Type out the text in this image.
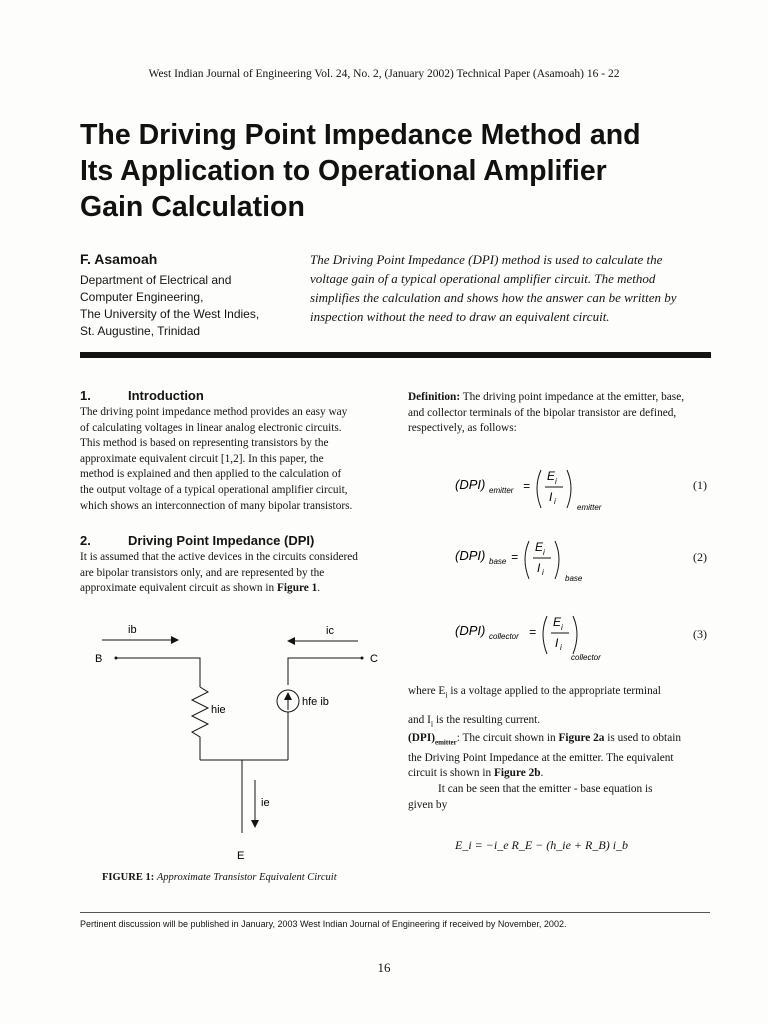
West Indian Journal of Engineering Vol. 24, No. 2, (January 2002) Technical Paper (Asamoah) 16 - 22
The Driving Point Impedance Method and
Its Application to Operational Amplifier
Gain Calculation
F. Asamoah
Department of Electrical and
Computer Engineering,
The University of the West Indies,
St. Augustine, Trinidad
The Driving Point Impedance (DPI) method is used to calculate the
voltage gain of a typical operational amplifier circuit. The method
simplifies the calculation and shows how the answer can be written by
inspection without the need to draw an equivalent circuit.
1.	Introduction
The driving point impedance method provides an easy way
of calculating voltages in linear analog electronic circuits.
This method is based on representing transistors by the
approximate equivalent circuit [1,2]. In this paper, the
method is explained and then applied to the calculation of
the output voltage of a typical operational amplifier circuit,
which shows an interconnection of many bipolar transistors.
2.	Driving Point Impedance (DPI)
It is assumed that the active devices in the circuits considered
are bipolar transistors only, and are represented by the
approximate equivalent circuit as shown in Figure 1.
ib	ic
B
hie
C
hfe ib
ie
E
FIGURE 1: Approximate Transistor Equivalent Circuit
Definition: The driving point impedance at the emitter, base,
and collector terminals of the bipolar transistor are defined,
respectively, as follows:
(DPI) emitter =
E i
I i
emitter
(1)
(DPI) base =
E i
I i
base
(2)
(DPI) collector =
E i
I i
collector
(3)
where $E_i$ is a voltage applied to the appropriate terminal
and $I_i$ is the resulting current.
$(DPI)_{emitter}$: The circuit shown in Figure 2a is used to obtain
the Driving Point Impedance at the emitter. The equivalent
circuit is shown in Figure 2b.
It can be seen that the emitter - base equation is
given by
E_i = −i_e R_E − (h_ie + R_B) i_b
Pertinent discussion will be published in January, 2003 West Indian Journal of Engineering if received by November, 2002.
16
